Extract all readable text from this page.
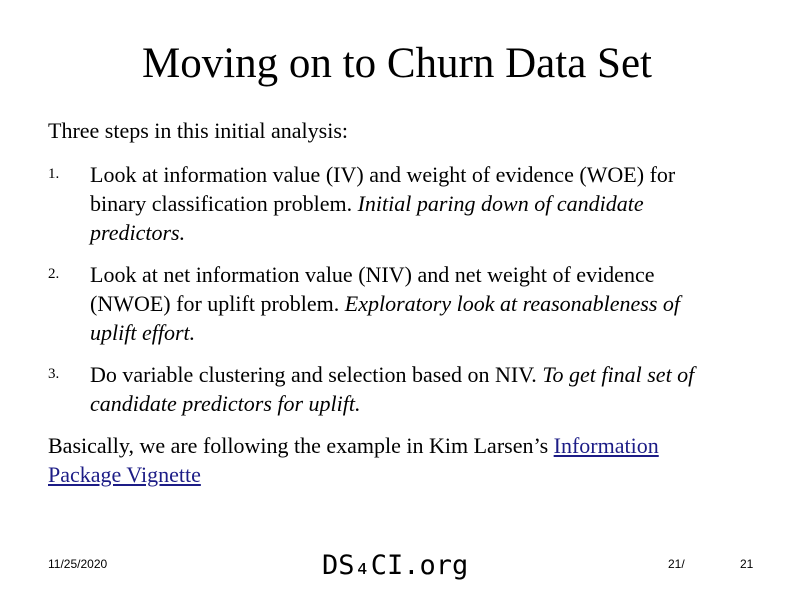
Moving on to Churn Data Set
Three steps in this initial analysis:
1. Look at information value (IV) and weight of evidence (WOE) for
binary classification problem. Initial paring down of candidate
predictors.
2. Look at net information value (NIV) and net weight of evidence
(NWOE) for uplift problem. Exploratory look at reasonableness of
uplift effort.
3. Do variable clustering and selection based on NIV. To get final set of
candidate predictors for uplift.
Basically, we are following the example in Kim Larsen’s Information
Package Vignette
11/25/2020	DS₄CI.org	21/	21
